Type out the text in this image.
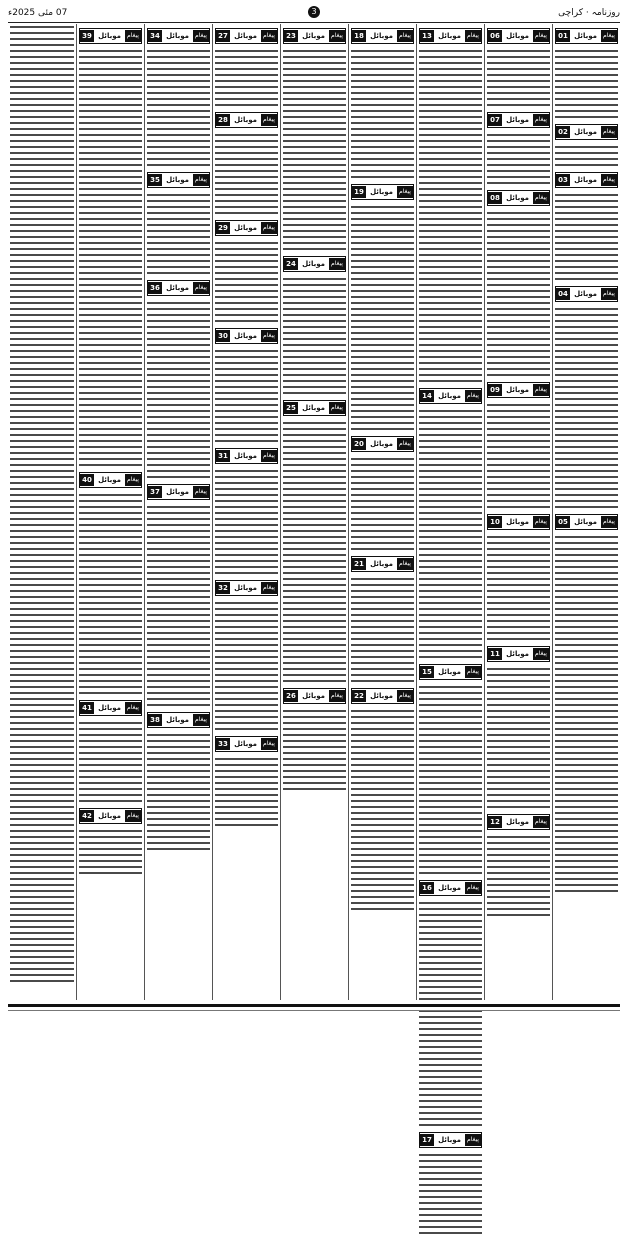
روزنامہ · کراچی
07 مئی 2025ء	3
پیغام
موبائل
01
پیغام
موبائل
02
پیغام
موبائل
03
پیغام
موبائل
04
پیغام
موبائل
05
پیغام
موبائل
06
پیغام
موبائل
07
پیغام
موبائل
08
پیغام
موبائل
09
پیغام
موبائل
10
پیغام
موبائل
11
پیغام
موبائل
12
پیغام
موبائل
13
پیغام
موبائل
14
پیغام
موبائل
15
پیغام
موبائل
16
پیغام
موبائل
17
پیغام
موبائل
18
پیغام
موبائل
19
پیغام
موبائل
20
پیغام
موبائل
21
پیغام
موبائل
22
پیغام
موبائل
23
پیغام
موبائل
24
پیغام
موبائل
25
پیغام
موبائل
26
پیغام
موبائل
27
پیغام
موبائل
28
پیغام
موبائل
29
پیغام
موبائل
30
پیغام
موبائل
31
پیغام
موبائل
32
پیغام
موبائل
33
پیغام
موبائل
34
پیغام
موبائل
35
پیغام
موبائل
36
پیغام
موبائل
37
پیغام
موبائل
38
پیغام
موبائل
39
پیغام
موبائل
40
پیغام
موبائل
41
پیغام
موبائل
42
